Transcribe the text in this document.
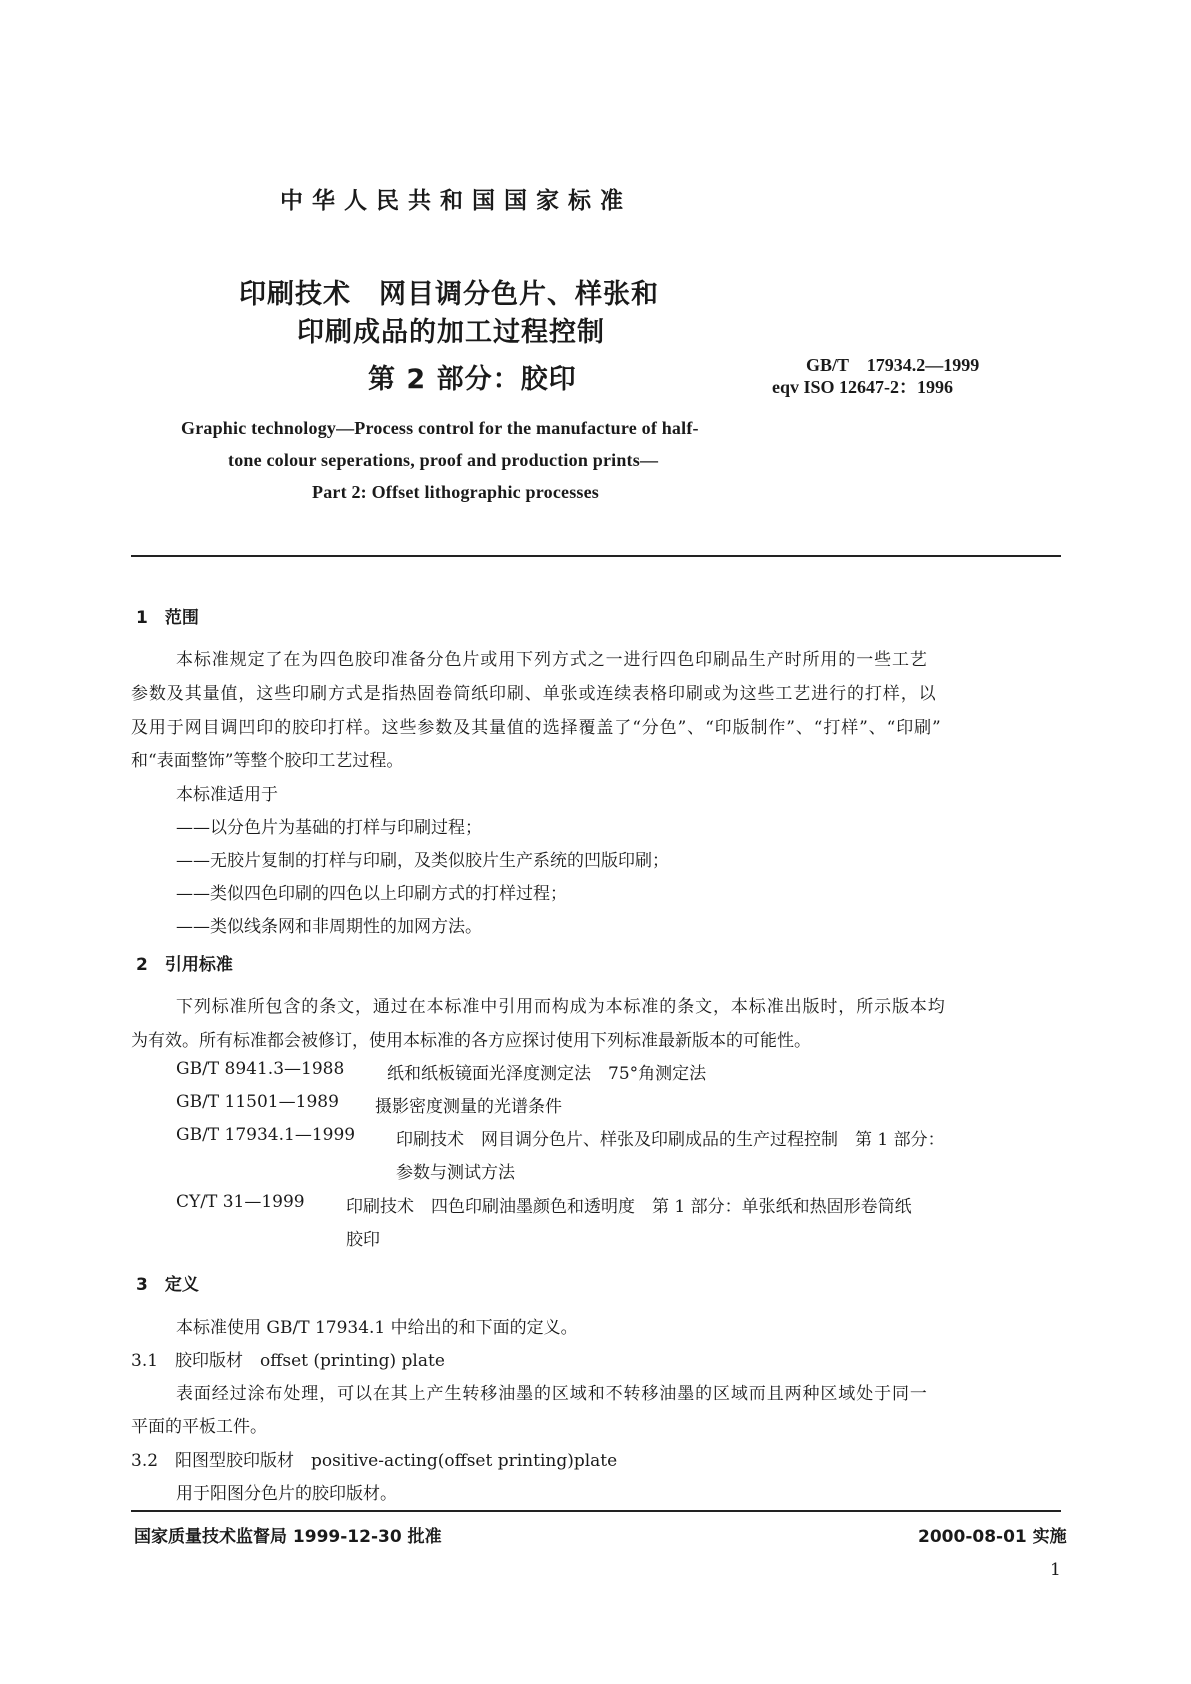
中华人民共和国国家标准
印刷技术　网目调分色片、样张和
印刷成品的加工过程控制
第 2 部分：胶印	GB/T　17934.2—1999
eqv ISO 12647-2：1996
Graphic technology—Process control for the manufacture of half-
tone colour seperations, proof and production prints—
Part 2: Offset lithographic processes
1　范围
本标准规定了在为四色胶印准备分色片或用下列方式之一进行四色印刷品生产时所用的一些工艺
参数及其量值，这些印刷方式是指热固卷筒纸印刷、单张或连续表格印刷或为这些工艺进行的打样，以
及用于网目调凹印的胶印打样。这些参数及其量值的选择覆盖了“分色”、“印版制作”、“打样”、“印刷”
和“表面整饰”等整个胶印工艺过程。
本标准适用于
——以分色片为基础的打样与印刷过程；
——无胶片复制的打样与印刷，及类似胶片生产系统的凹版印刷；
——类似四色印刷的四色以上印刷方式的打样过程；
——类似线条网和非周期性的加网方法。
2　引用标准
下列标准所包含的条文，通过在本标准中引用而构成为本标准的条文，本标准出版时，所示版本均
为有效。所有标准都会被修订，使用本标准的各方应探讨使用下列标准最新版本的可能性。
GB/T 8941.3—1988	纸和纸板镜面光泽度测定法　75°角测定法
GB/T 11501—1989 摄影密度测量的光谱条件
GB/T 17934.1—1999 印刷技术　网目调分色片、样张及印刷成品的生产过程控制　第 1 部分：
参数与测试方法
CY/T 31—1999 印刷技术　四色印刷油墨颜色和透明度　第 1 部分：单张纸和热固形卷筒纸
胶印
3　定义
本标准使用 GB/T 17934.1 中给出的和下面的定义。
3.1　胶印版材　offset (printing) plate
表面经过涂布处理，可以在其上产生转移油墨的区域和不转移油墨的区域而且两种区域处于同一
平面的平板工件。
3.2　阳图型胶印版材　positive-acting(offset printing)plate
用于阳图分色片的胶印版材。
国家质量技术监督局 1999-12-30 批准	2000-08-01 实施
1
